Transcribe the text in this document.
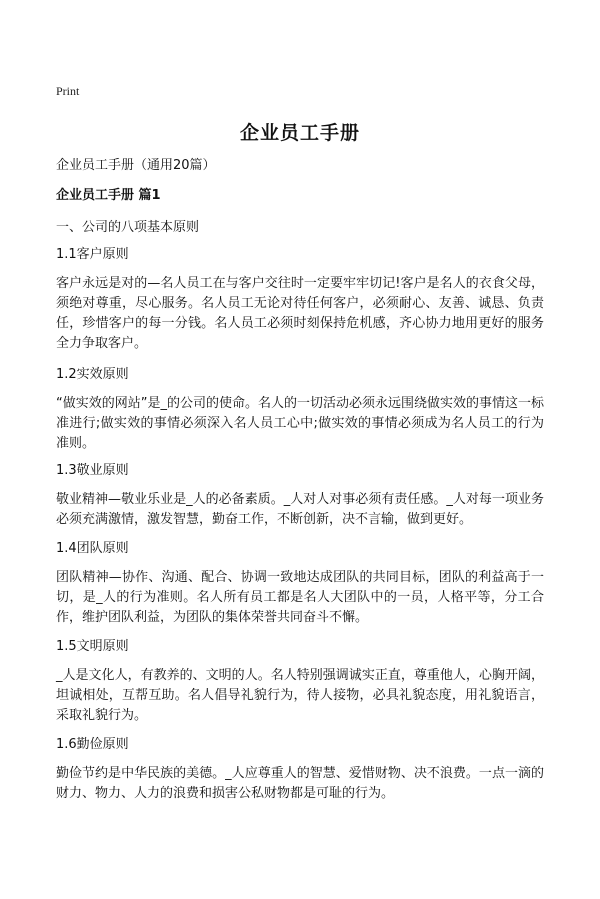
Print
企业员工手册
企业员工手册（通用20篇）
企业员工手册 篇1
一、公司的八项基本原则
1.1客户原则
客户永远是对的—名人员工在与客户交往时一定要牢牢切记!客户是名人的衣食父母，须绝对尊重，尽心服务。名人员工无论对待任何客户，必须耐心、友善、诚恳、负责任，珍惜客户的每一分钱。名人员工必须时刻保持危机感，齐心协力地用更好的服务全力争取客户。
1.2实效原则
“做实效的网站”是_的公司的使命。名人的一切活动必须永远围绕做实效的事情这一标准进行;做实效的事情必须深入名人员工心中;做实效的事情必须成为名人员工的行为准则。
1.3敬业原则
敬业精神—敬业乐业是_人的必备素质。_人对人对事必须有责任感。_人对每一项业务必须充满激情，激发智慧，勤奋工作，不断创新，决不言输，做到更好。
1.4团队原则
团队精神—协作、沟通、配合、协调一致地达成团队的共同目标，团队的利益高于一切，是_人的行为准则。名人所有员工都是名人大团队中的一员，人格平等，分工合作，维护团队利益，为团队的集体荣誉共同奋斗不懈。
1.5文明原则
_人是文化人，有教养的、文明的人。名人特别强调诚实正直，尊重他人，心胸开阔，坦诚相处，互帮互助。名人倡导礼貌行为，待人接物，必具礼貌态度，用礼貌语言，采取礼貌行为。
1.6勤俭原则
勤俭节约是中华民族的美德。_人应尊重人的智慧、爱惜财物、决不浪费。一点一滴的财力、物力、人力的浪费和损害公私财物都是可耻的行为。
